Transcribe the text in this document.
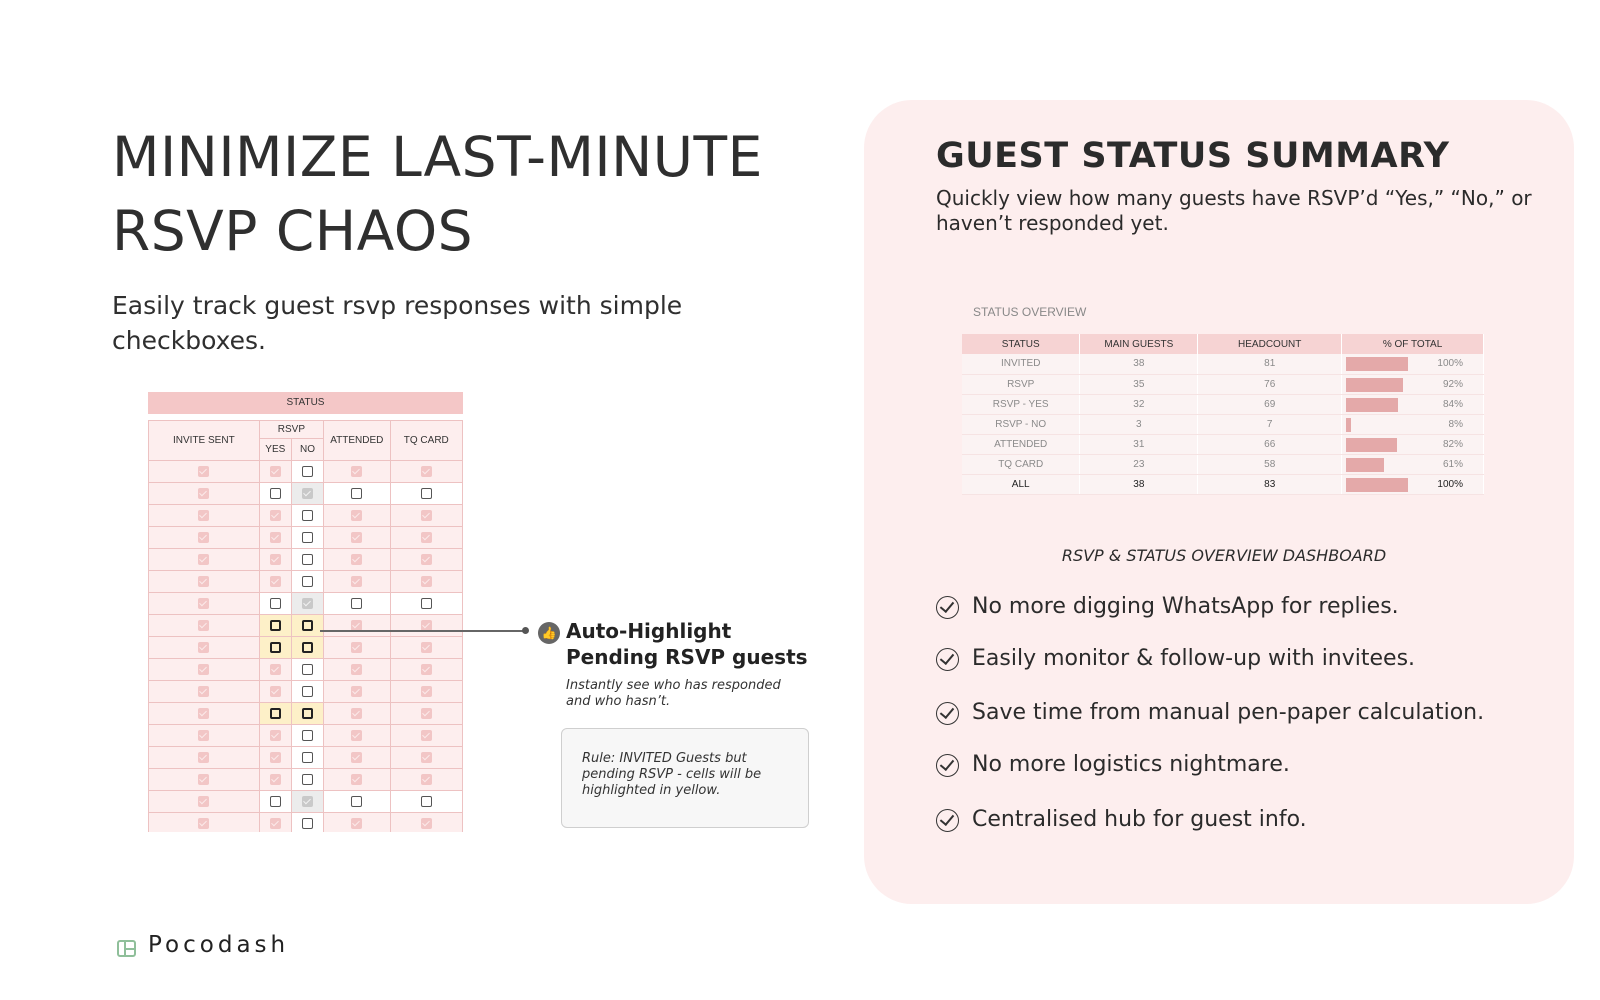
MINIMIZE LAST-MINUTE RSVP CHAOS

Easily track guest rsvp responses with simple checkboxes.

STATUS
INVITE SENT	RSVP		ATTENDED	TQ CARD
	YES	NO		

👍 Auto-Highlight
Pending RSVP guests
Instantly see who has responded and who hasn’t.
Rule: INVITED Guests but pending RSVP - cells will be highlighted in yellow.
Pocodash
GUEST STATUS SUMMARY

Quickly view how many guests have RSVP’d “Yes,” “No,” or haven’t responded yet.

STATUS OVERVIEW
STATUS	MAIN GUESTS	HEADCOUNT	% OF TOTAL
INVITED	38	81	100%

RSVP	35	76	92%

RSVP - YES	32	69	84%

RSVP - NO	3	7	8%

ATTENDED	31	66	82%

TQ CARD	23	58	61%

ALL	38	83	100%
RSVP & STATUS OVERVIEW DASHBOARD
No more digging WhatsApp for replies.
Easily monitor & follow-up with invitees.
Save time from manual pen-paper calculation.
No more logistics nightmare.
Centralised hub for guest info.
